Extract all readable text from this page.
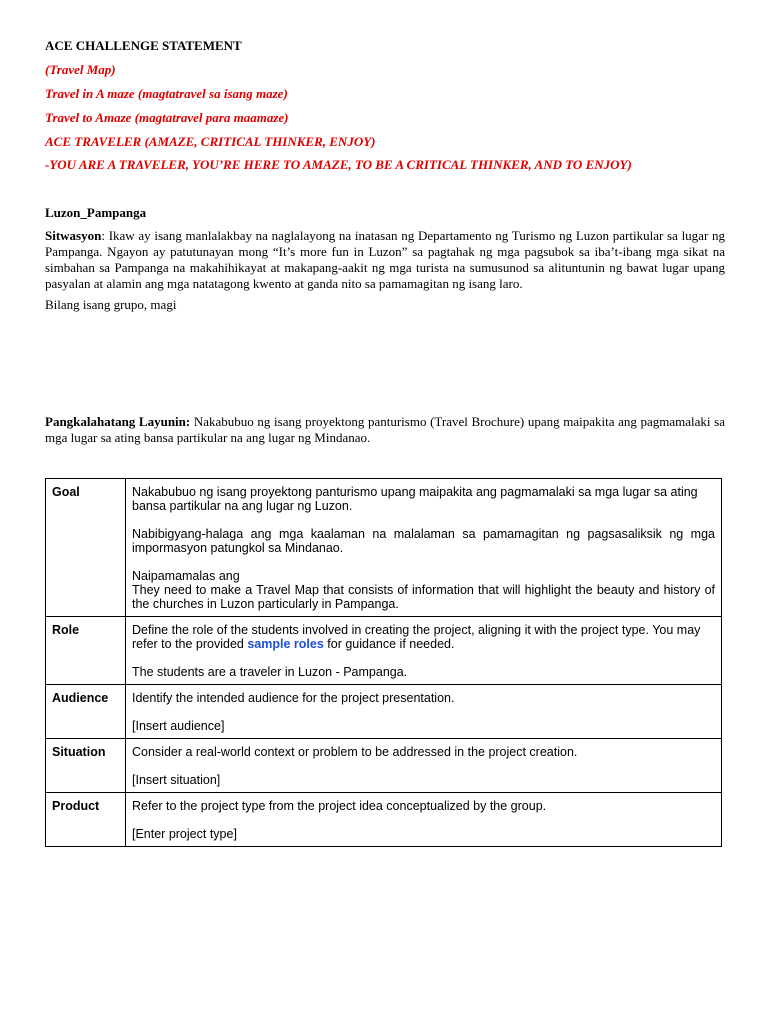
ACE CHALLENGE STATEMENT
(Travel Map)
Travel in A maze (magtatravel sa isang maze)
Travel to Amaze (magtatravel para maamaze)
ACE TRAVELER (AMAZE, CRITICAL THINKER, ENJOY)
-YOU ARE A TRAVELER, YOU’RE HERE TO AMAZE, TO BE A CRITICAL THINKER, AND TO ENJOY)
Luzon_Pampanga
Sitwasyon: Ikaw ay isang manlalakbay na naglalayong na inatasan ng Departamento ng Turismo ng Luzon partikular sa lugar ng Pampanga. Ngayon ay patutunayan mong “It’s more fun in Luzon” sa pagtahak ng mga pagsubok sa iba’t-ibang mga sikat na simbahan sa Pampanga na makahihikayat at makapang-aakit ng mga turista na sumusunod sa alituntunin ng bawat lugar upang pasyalan at alamin ang mga natatagong kwento at ganda nito sa pamamagitan ng isang laro.
Bilang isang grupo, magi
Pangkalahatang Layunin: Nakabubuo ng isang proyektong panturismo (Travel Brochure) upang maipakita ang pagmamalaki sa mga lugar sa ating bansa partikular na ang lugar ng Mindanao.
Goal	Nakabubuo ng isang proyektong panturismo upang maipakita ang pagmamalaki sa mga lugar sa ating bansa partikular na ang lugar ng Luzon.

Nabibigyang-halaga ang mga kaalaman na malalaman sa pamamagitan ng pagsasaliksik ng mga impormasyon patungkol sa Mindanao.

Naipamamalas ang
They need to make a Travel Map that consists of information that will highlight the beauty and history of the churches in Luzon particularly in Pampanga.

Role	Define the role of the students involved in creating the project, aligning it with the project type. You may refer to the provided sample roles for guidance if needed.

The students are a traveler in Luzon - Pampanga.

Audience	Identify the intended audience for the project presentation.

[Insert audience]

Situation	Consider a real-world context or problem to be addressed in the project creation.

[Insert situation]

Product	Refer to the project type from the project idea conceptualized by the group.

[Enter project type]
